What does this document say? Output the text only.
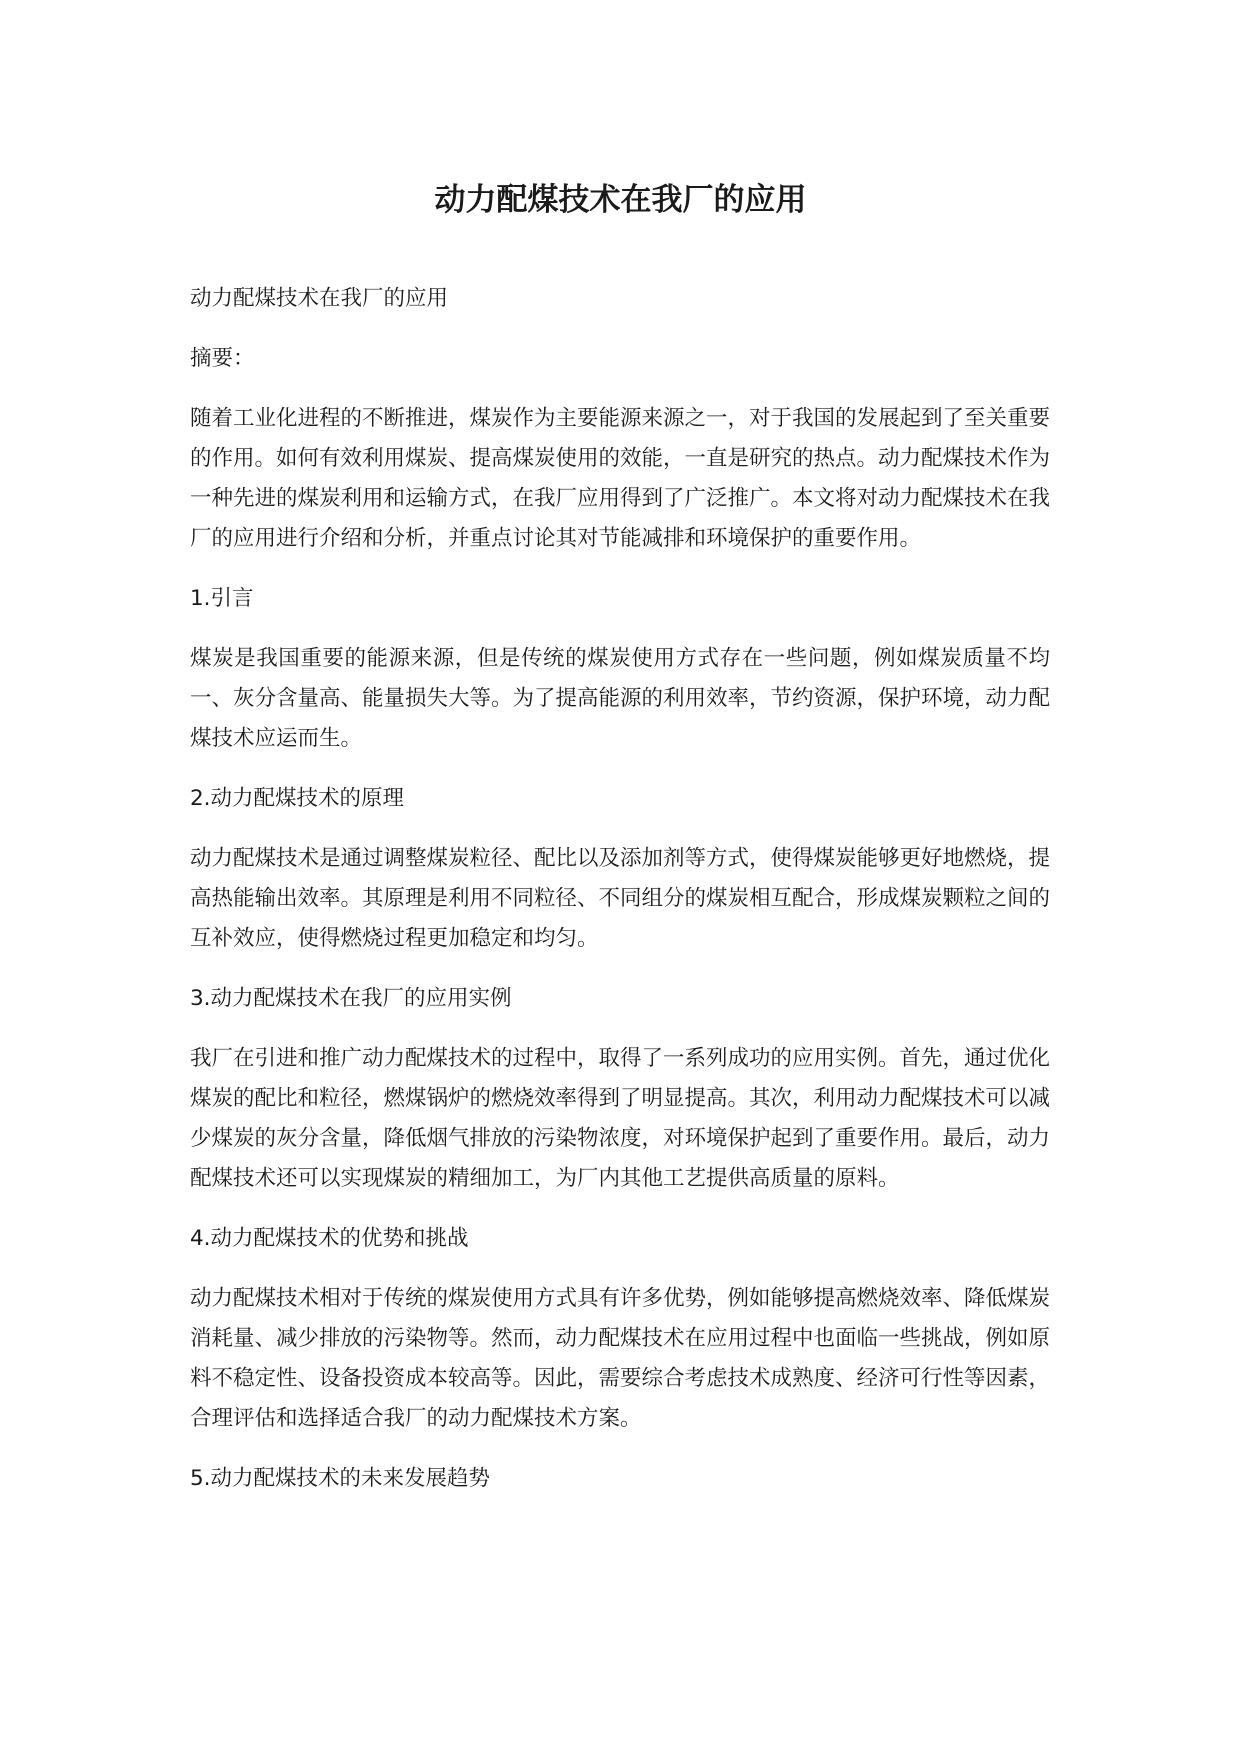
动力配煤技术在我厂的应用

动力配煤技术在我厂的应用

摘要：

随着工业化进程的不断推进，煤炭作为主要能源来源之一，对于我国的发展起到了至关重要的作用。如何有效利用煤炭、提高煤炭使用的效能，一直是研究的热点。动力配煤技术作为一种先进的煤炭利用和运输方式，在我厂应用得到了广泛推广。本文将对动力配煤技术在我厂的应用进行介绍和分析，并重点讨论其对节能减排和环境保护的重要作用。

1.引言

煤炭是我国重要的能源来源，但是传统的煤炭使用方式存在一些问题，例如煤炭质量不均一、灰分含量高、能量损失大等。为了提高能源的利用效率，节约资源，保护环境，动力配煤技术应运而生。

2.动力配煤技术的原理

动力配煤技术是通过调整煤炭粒径、配比以及添加剂等方式，使得煤炭能够更好地燃烧，提高热能输出效率。其原理是利用不同粒径、不同组分的煤炭相互配合，形成煤炭颗粒之间的互补效应，使得燃烧过程更加稳定和均匀。

3.动力配煤技术在我厂的应用实例

我厂在引进和推广动力配煤技术的过程中，取得了一系列成功的应用实例。首先，通过优化煤炭的配比和粒径，燃煤锅炉的燃烧效率得到了明显提高。其次，利用动力配煤技术可以减少煤炭的灰分含量，降低烟气排放的污染物浓度，对环境保护起到了重要作用。最后，动力配煤技术还可以实现煤炭的精细加工，为厂内其他工艺提供高质量的原料。

4.动力配煤技术的优势和挑战

动力配煤技术相对于传统的煤炭使用方式具有许多优势，例如能够提高燃烧效率、降低煤炭消耗量、减少排放的污染物等。然而，动力配煤技术在应用过程中也面临一些挑战，例如原料不稳定性、设备投资成本较高等。因此，需要综合考虑技术成熟度、经济可行性等因素，合理评估和选择适合我厂的动力配煤技术方案。

5.动力配煤技术的未来发展趋势
